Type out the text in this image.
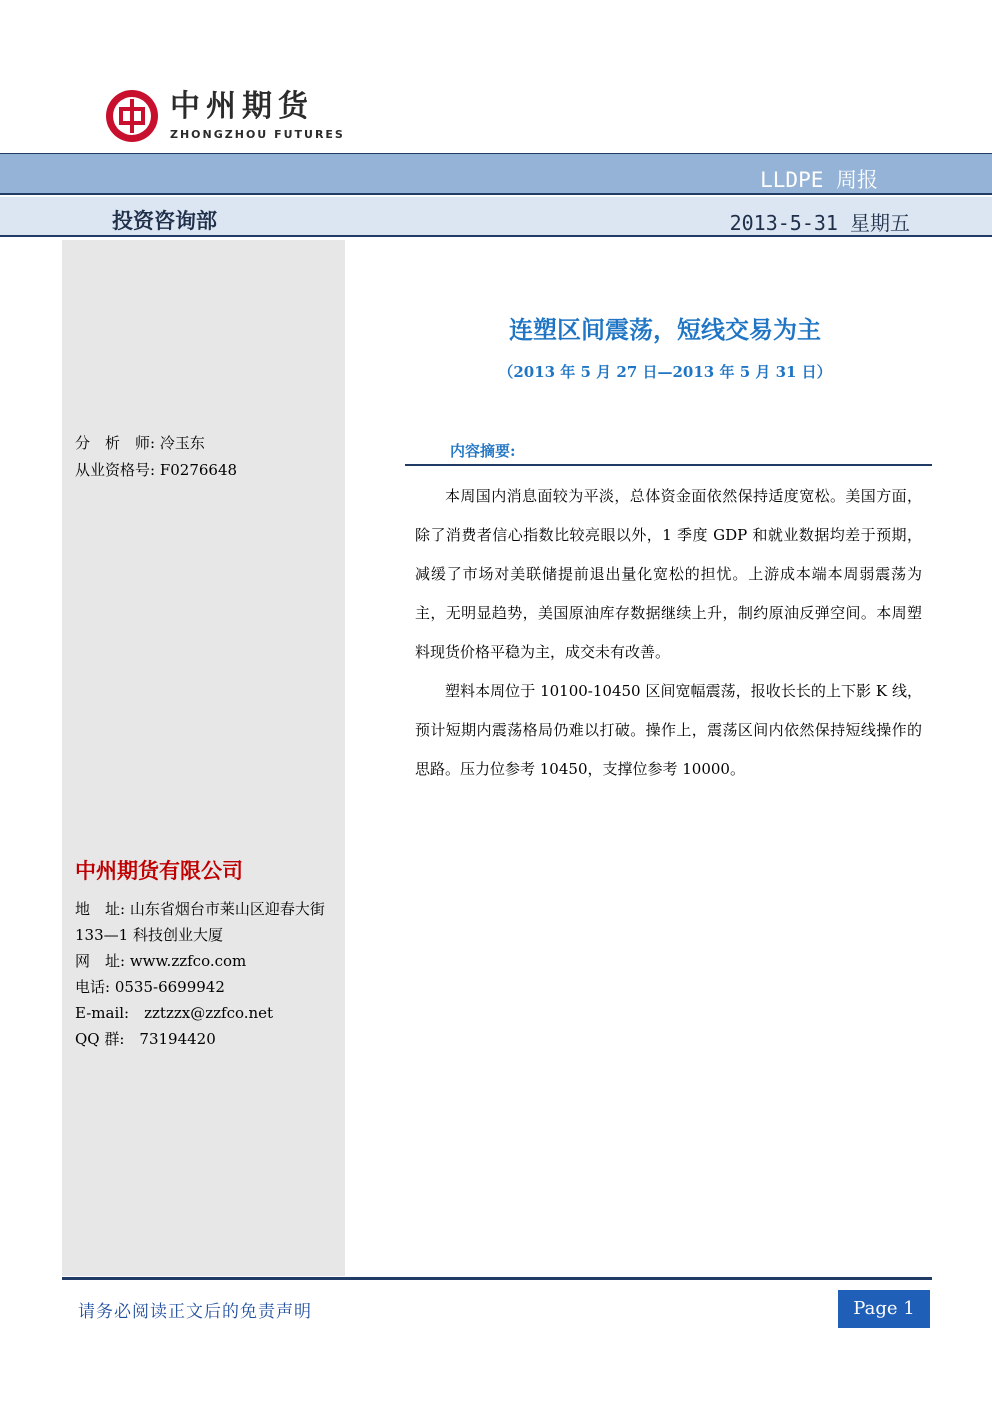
中州期货
ZHONGZHOU FUTURES
LLDPE 周报
投资咨询部	2013-5-31 星期五
分　析　师: 冷玉东
从业资格号: F0276648
中州期货有限公司
地　址: 山东省烟台市莱山区迎春大街 133—1 科技创业大厦
网　址: www.zzfco.com
电话: 0535-6699942
E-mail:　zztzzx@zzfco.net
QQ 群:　73194420
连塑区间震荡，短线交易为主
（2013 年 5 月 27 日—2013 年 5 月 31 日）
内容摘要:

本周国内消息面较为平淡，总体资金面依然保持适度宽松。美国方面，除了消费者信心指数比较亮眼以外，1 季度 GDP 和就业数据均差于预期，减缓了市场对美联储提前退出量化宽松的担忧。上游成本端本周弱震荡为主，无明显趋势，美国原油库存数据继续上升，制约原油反弹空间。本周塑料现货价格平稳为主，成交未有改善。

塑料本周位于 10100-10450 区间宽幅震荡，报收长长的上下影 K 线，预计短期内震荡格局仍难以打破。操作上，震荡区间内依然保持短线操作的思路。压力位参考 10450，支撑位参考 10000。

请务必阅读正文后的免责声明	Page 1
